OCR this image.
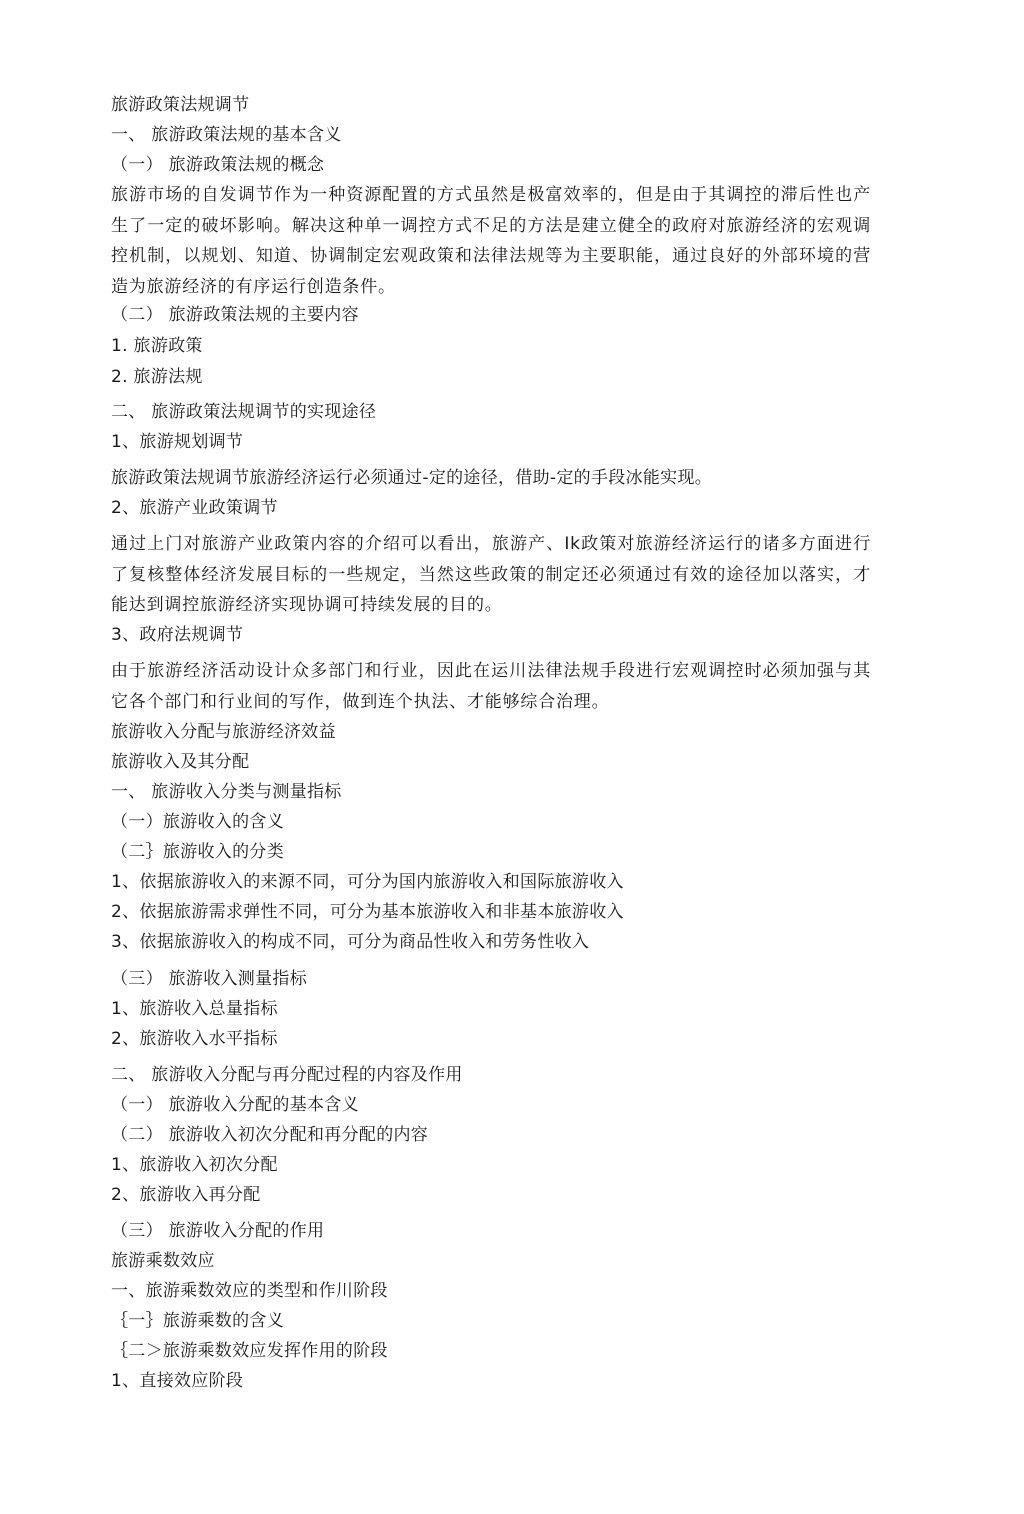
旅游政策法规调节
一、 旅游政策法规的基本含义
（一） 旅游政策法规的概念
旅游市场的自发调节作为一种资源配置的方式虽然是极富效率的，但是由于其调控的滞后性也产生了一定的破坏影响。解决这种单一调控方式不足的方法是建立健全的政府对旅游经济的宏观调控机制，以规划、知道、协调制定宏观政策和法律法规等为主要职能，通过良好的外部环境的营造为旅游经济的有序运行创造条件。
（二） 旅游政策法规的主要内容
1. 旅游政策
2. 旅游法规
二、 旅游政策法规调节的实现途径
1、旅游规划调节
旅游政策法规调节旅游经济运行必须通过-定的途径，借助-定的手段冰能实现。
2、旅游产业政策调节
通过上门对旅游产业政策内容的介绍可以看出，旅游产、Ik政策对旅游经济运行的诸多方面进行了复核整体经济发展目标的一些规定，当然这些政策的制定还必须通过有效的途径加以落实，才能达到调控旅游经济实现协调可持续发展的目的。
3、政府法规调节
由于旅游经济活动设计众多部门和行业，因此在运川法律法规手段进行宏观调控时必须加强与其它各个部门和行业间的写作，做到连个执法、才能够综合治理。
旅游收入分配与旅游经济效益
旅游收入及其分配
一、 旅游收入分类与测量指标
（一）旅游收入的含义
（二｝旅游收入的分类
1、依据旅游收入的来源不同，可分为国内旅游收入和国际旅游收入
2、依据旅游需求弹性不同，可分为基本旅游收入和非基本旅游收入
3、依据旅游收入的构成不同，可分为商品性收入和劳务性收入
（三） 旅游收入测量指标
1、旅游收入总量指标
2、旅游收入水平指标
二、 旅游收入分配与再分配过程的内容及作用
（一） 旅游收入分配的基本含义
（二） 旅游收入初次分配和再分配的内容
1、旅游收入初次分配
2、旅游收入再分配
（三） 旅游收入分配的作用
旅游乘数效应
一、旅游乘数效应的类型和作川阶段
｛一｝旅游乘数的含义
｛二＞旅游乘数效应发挥作用的阶段
1、直接效应阶段
